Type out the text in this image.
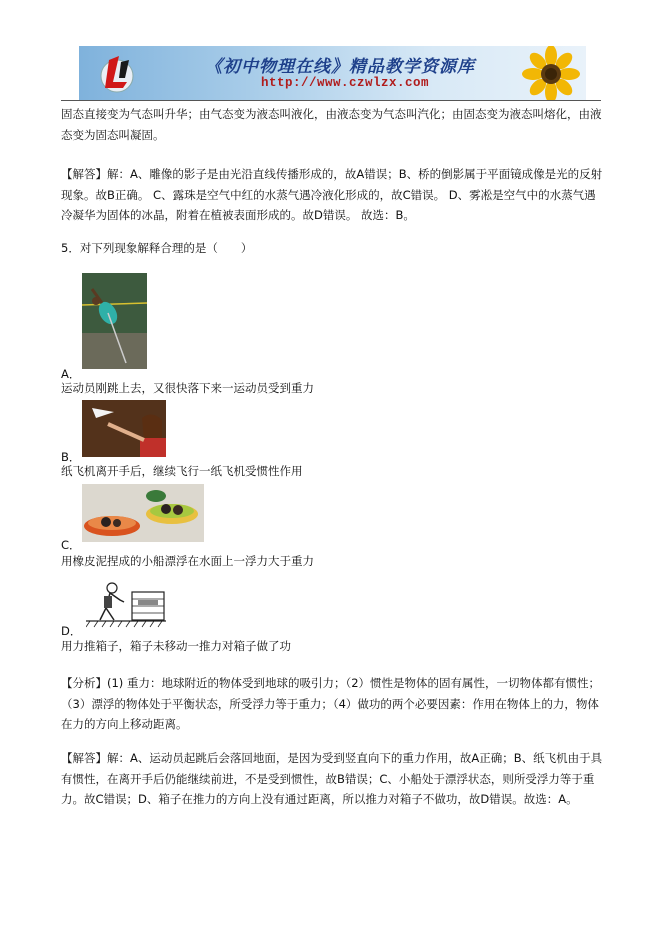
《初中物理在线》精品教学资源库
http://www.czwlzx.com

固态直接变为气态叫升华；由气态变为液态叫液化，由液态变为气态叫汽化；由固态变为液态叫熔化，由液态变为固态叫凝固。

【解答】解：A、雕像的影子是由光沿直线传播形成的，故A错误；B、桥的倒影属于平面镜成像是光的反射现象。故B正确。 C、露珠是空气中红的水蒸气遇冷液化形成的，故C错误。 D、雾凇是空气中的水蒸气遇冷凝华为固体的冰晶，附着在植被表面形成的。故D错误。 故选：B。

5．对下列现象解释合理的是（　　）

A．
运动员刚跳上去，又很快落下来一运动员受到重力
B．
纸飞机离开手后，继续飞行一纸飞机受惯性作用
C．
用橡皮泥捏成的小船漂浮在水面上一浮力大于重力
D．
用力推箱子，箱子未移动一推力对箱子做了功

【分析】(1) 重力：地球附近的物体受到地球的吸引力；（2）惯性是物体的固有属性，一切物体都有惯性；（3）漂浮的物体处于平衡状态，所受浮力等于重力；（4）做功的两个必要因素：作用在物体上的力，物体在力的方向上移动距离。

【解答】解：A、运动员起跳后会落回地面，是因为受到竖直向下的重力作用，故A正确；B、纸飞机由于具有惯性，在离开手后仍能继续前进，不是受到惯性，故B错误；C、小船处于漂浮状态，则所受浮力等于重力。故C错误；D、箱子在推力的方向上没有通过距离，所以推力对箱子不做功，故D错误。故选：A。
